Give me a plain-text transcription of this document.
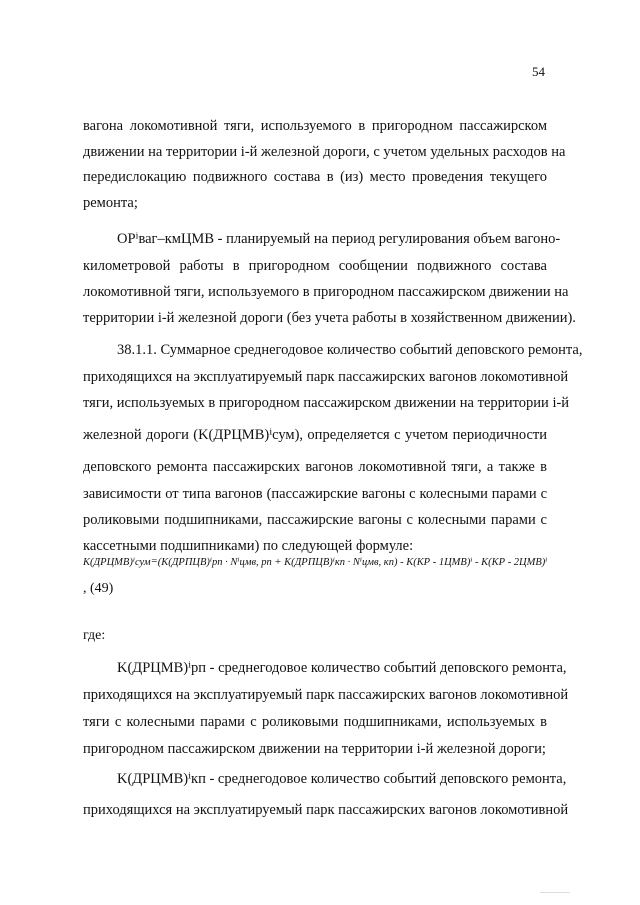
54
вагона локомотивной тяги, используемого в пригородном пассажирском
движении на территории i-й железной дороги, с учетом удельных расходов на
передислокацию подвижного состава в (из) место проведения текущего
ремонта;
OPⁱваг–кмЦМВ - планируемый на период регулирования объем вагоно-
километровой работы в пригородном сообщении подвижного состава
локомотивной тяги, используемого в пригородном пассажирском движении на
территории i-й железной дороги (без учета работы в хозяйственном движении).
38.1.1. Суммарное среднегодовое количество событий деповского ремонта,
приходящихся на эксплуатируемый парк пассажирских вагонов локомотивной
тяги, используемых в пригородном пассажирском движении на территории i-й
железной дороги (K(ДРЦМВ)ⁱсум), определяется с учетом периодичности
деповского ремонта пассажирских вагонов локомотивной тяги, а также в
зависимости от типа вагонов (пассажирские вагоны с колесными парами с
роликовыми подшипниками, пассажирские вагоны с колесными парами с
кассетными подшипниками) по следующей формуле:
K(ДРЦМВ)ⁱсум = (K(ДРПЦВ)ⁱрп · Nⁱцмв, рп + K(ДРПЦВ)ⁱкп · Nⁱцмв, кп) - K(КР - 1ЦМВ)ⁱ - K(КР - 2ЦМВ)ⁱ
, (49)
где:
K(ДРЦМВ)ⁱрп - среднегодовое количество событий деповского ремонта,
приходящихся на эксплуатируемый парк пассажирских вагонов локомотивной
тяги с колесными парами с роликовыми подшипниками, используемых в
пригородном пассажирском движении на территории i-й железной дороги;
K(ДРЦМВ)ⁱкп - среднегодовое количество событий деповского ремонта,
приходящихся на эксплуатируемый парк пассажирских вагонов локомотивной
